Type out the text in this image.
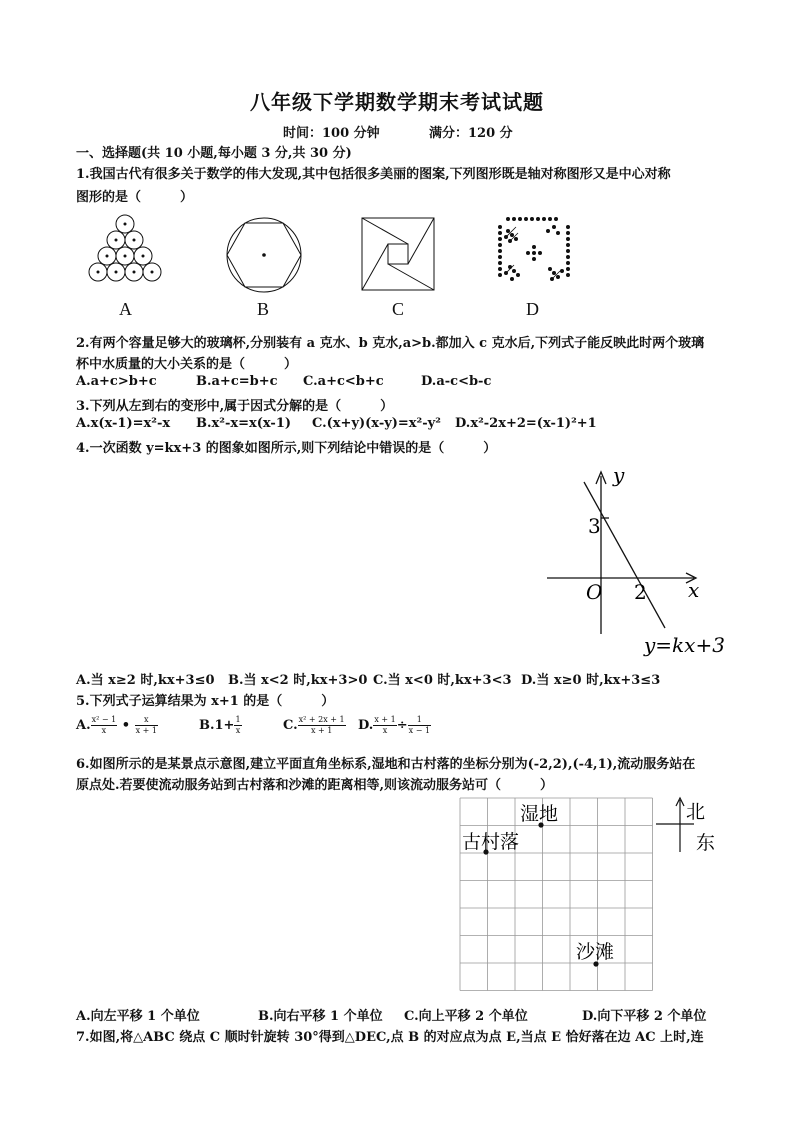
八年级下学期数学期末考试试题
时间：100 分钟	满分：120 分
一、选择题(共 10 小题,每小题 3 分,共 30 分)
1.我国古代有很多关于数学的伟大发现,其中包括很多美丽的图案,下列图形既是轴对称图形又是中心对称
图形的是（　　　）
A	B	C	D
2.有两个容量足够大的玻璃杯,分别装有 a 克水、b 克水,a>b.都加入 c 克水后,下列式子能反映此时两个玻璃
杯中水质量的大小关系的是（　　　）
A.a+c>b+c	B.a+c=b+c C.a+c<b+c	D.a-c<b-c
3.下列从左到右的变形中,属于因式分解的是（　　　）
A.x(x-1)=x²-x B.x²-x=x(x-1) C.(x+y)(x-y)=x²-y² D.x²-2x+2=(x-1)²+1
4.一次函数 y=kx+3 的图象如图所示,则下列结论中错误的是（　　　）
y
x
O
3
2
y=kx+3
A.当 x≥2 时,kx+3≤0 B.当 x<2 时,kx+3>0 C.当 x<0 时,kx+3<3 D.当 x≥0 时,kx+3≤3
5.下列式子运算结果为 x+1 的是（　　　）
A. $\frac{\text{x² − 1}}{x}$ • $\frac{x}{x + 1}$	$B.1+ \frac{1}{x}$	C. $\frac{\text{x² + 2x + 1}}{x + 1} D$. $\frac{x + 1}{x} \div \frac{1}{x - 1}$
6.如图所示的是某景点示意图,建立平面直角坐标系,湿地和古村落的坐标分别为(-2,2),(-4,1),流动服务站在
原点处.若要使流动服务站到古村落和沙滩的距离相等,则该流动服务站可（　　　）
湿地
古村落
沙滩
北
东
A.向左平移 1 个单位	B.向右平移 1 个单位 C.向上平移 2 个单位	D.向下平移 2 个单位
7.如图,将△ABC 绕点 C 顺时针旋转 30°得到△DEC,点 B 的对应点为点 E,当点 E 恰好落在边 AC 上时,连
